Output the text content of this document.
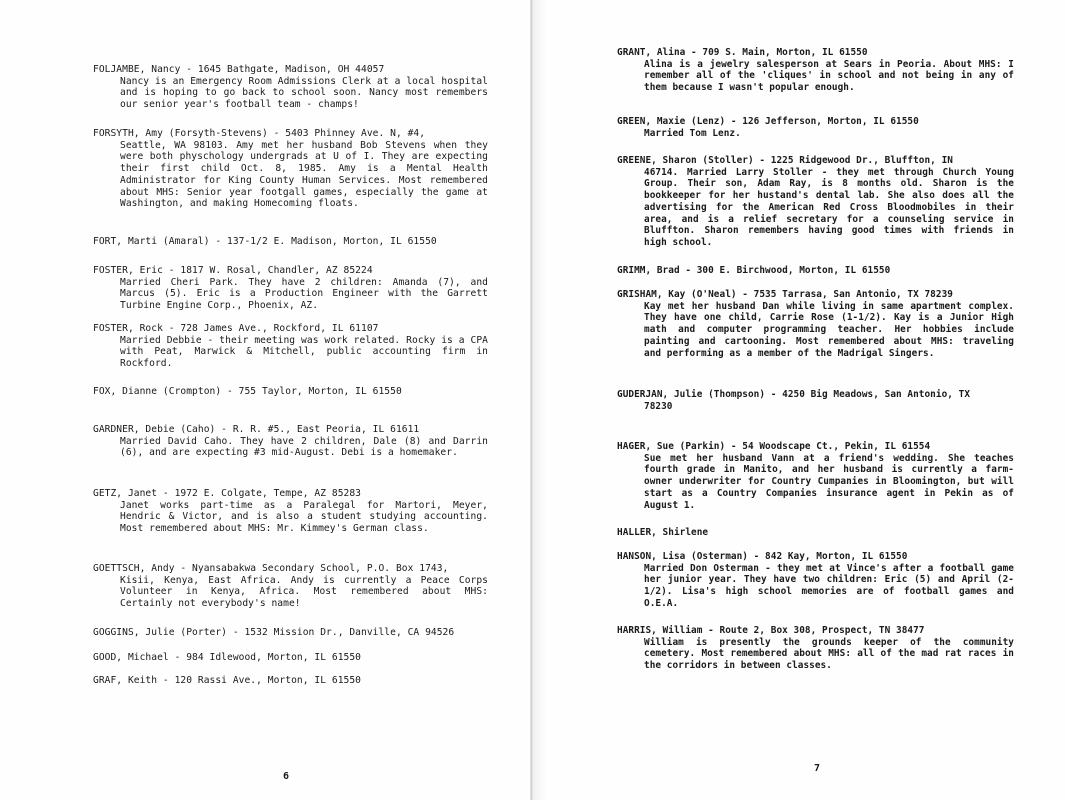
FOLJAMBE, Nancy - 1645 Bathgate, Madison, OH 44057
Nancy is an Emergency Room Admissions Clerk at a local hospital and is hoping to go back to school soon. Nancy most remembers our senior year's football team - champs!
FORSYTH, Amy (Forsyth-Stevens) - 5403 Phinney Ave. N, #4,
Seattle, WA 98103. Amy met her husband Bob Stevens when they were both physchology undergrads at U of I. They are expecting their first child Oct. 8, 1985. Amy is a Mental Health Administrator for King County Human Services. Most remembered about MHS: Senior year footgall games, especially the game at Washington, and making Homecoming floats.
FORT, Marti (Amaral) - 137-1/2 E. Madison, Morton, IL 61550
FOSTER, Eric - 1817 W. Rosal, Chandler, AZ 85224
Married Cheri Park. They have 2 children: Amanda (7), and Marcus (5). Eric is a Production Engineer with the Garrett Turbine Engine Corp., Phoenix, AZ.
FOSTER, Rock - 728 James Ave., Rockford, IL 61107
Married Debbie - their meeting was work related. Rocky is a CPA with Peat, Marwick & Mitchell, public accounting firm in Rockford.
FOX, Dianne (Crompton) - 755 Taylor, Morton, IL 61550
GARDNER, Debie (Caho) - R. R. #5., East Peoria, IL 61611
Married David Caho. They have 2 children, Dale (8) and Darrin (6), and are expecting #3 mid-August. Debi is a homemaker.
GETZ, Janet - 1972 E. Colgate, Tempe, AZ 85283
Janet works part-time as a Paralegal for Martori, Meyer, Hendric & Victor, and is also a student studying accounting. Most remembered about MHS: Mr. Kimmey's German class.
GOETTSCH, Andy - Nyansabakwa Secondary School, P.O. Box 1743,
Kisii, Kenya, East Africa. Andy is currently a Peace Corps Volunteer in Kenya, Africa. Most remembered about MHS: Certainly not everybody's name!
GOGGINS, Julie (Porter) - 1532 Mission Dr., Danville, CA 94526
GOOD, Michael - 984 Idlewood, Morton, IL 61550
GRAF, Keith - 120 Rassi Ave., Morton, IL 61550
6
GRANT, Alina - 709 S. Main, Morton, IL 61550
Alina is a jewelry salesperson at Sears in Peoria. About MHS: I remember all of the 'cliques' in school and not being in any of them because I wasn't popular enough.
GREEN, Maxie (Lenz) - 126 Jefferson, Morton, IL 61550
Married Tom Lenz.
GREENE, Sharon (Stoller) - 1225 Ridgewood Dr., Bluffton, IN
46714. Married Larry Stoller - they met through Church Young Group. Their son, Adam Ray, is 8 months old. Sharon is the bookkeeper for her hustand's dental lab. She also does all the advertising for the American Red Cross Bloodmobiles in their area, and is a relief secretary for a counseling service in Bluffton. Sharon remembers having good times with friends in high school.
GRIMM, Brad - 300 E. Birchwood, Morton, IL 61550
GRISHAM, Kay (O'Neal) - 7535 Tarrasa, San Antonio, TX 78239
Kay met her husband Dan while living in same apartment complex. They have one child, Carrie Rose (1-1/2). Kay is a Junior High math and computer programming teacher. Her hobbies include painting and cartooning. Most remembered about MHS: traveling and performing as a member of the Madrigal Singers.
GUDERJAN, Julie (Thompson) - 4250 Big Meadows, San Antonio, TX
78230
HAGER, Sue (Parkin) - 54 Woodscape Ct., Pekin, IL 61554
Sue met her husband Vann at a friend's wedding. She teaches fourth grade in Manito, and her husband is currently a farm-owner underwriter for Country Cumpanies in Bloomington, but will start as a Country Companies insurance agent in Pekin as of August 1.
HALLER, Shirlene
HANSON, Lisa (Osterman) - 842 Kay, Morton, IL 61550
Married Don Osterman - they met at Vince's after a football game her junior year. They have two children: Eric (5) and April (2-1/2). Lisa's high school memories are of football games and O.E.A.
HARRIS, William - Route 2, Box 308, Prospect, TN 38477
William is presently the grounds keeper of the community cemetery. Most remembered about MHS: all of the mad rat races in the corridors in between classes.
7
